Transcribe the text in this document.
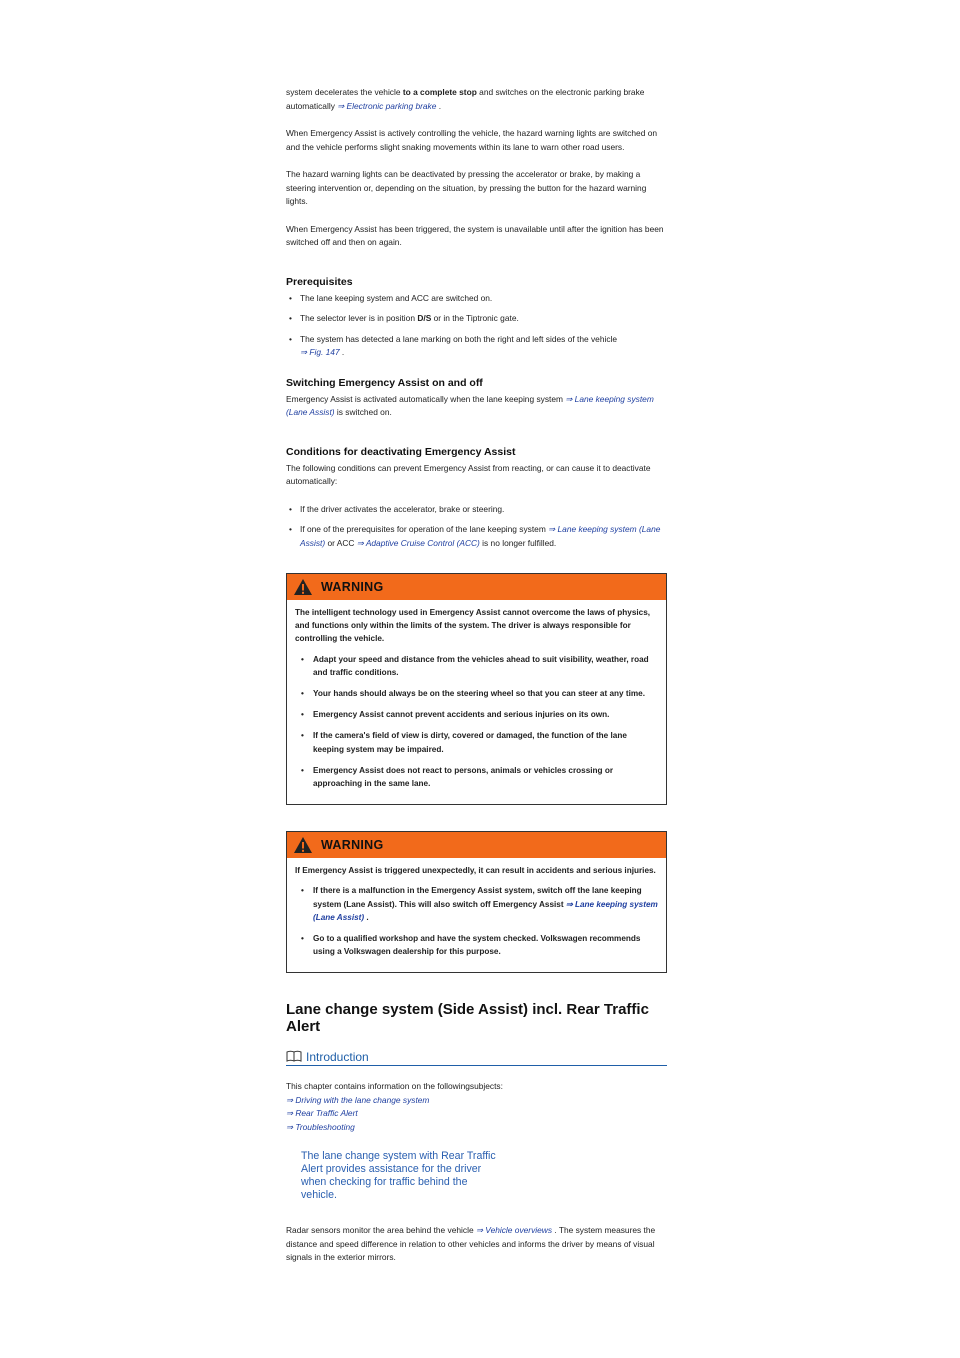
system decelerates the vehicle to a complete stop and switches on the electronic parking brake automatically ⇒ Electronic parking brake .

When Emergency Assist is actively controlling the vehicle, the hazard warning lights are switched on and the vehicle performs slight snaking movements within its lane to warn other road users.

The hazard warning lights can be deactivated by pressing the accelerator or brake, by making a steering intervention or, depending on the situation, by pressing the button for the hazard warning lights.

When Emergency Assist has been triggered, the system is unavailable until after the ignition has been switched off and then on again.

Prerequisites
• The lane keeping system and ACC are switched on.
• The selector lever is in position D/S or in the Tiptronic gate.
• The system has detected a lane marking on both the right and left sides of the vehicle
⇒ Fig. 147 .
Switching Emergency Assist on and off

Emergency Assist is activated automatically when the lane keeping system ⇒ Lane keeping system (Lane Assist) is switched on.

Conditions for deactivating Emergency Assist

The following conditions can prevent Emergency Assist from reacting, or can cause it to deactivate automatically:

• If the driver activates the accelerator, brake or steering.
• If one of the prerequisites for operation of the lane keeping system ⇒ Lane keeping system (Lane Assist) or ACC ⇒ Adaptive Cruise Control (ACC) is no longer fulfilled.
WARNING

The intelligent technology used in Emergency Assist cannot overcome the laws of physics, and functions only within the limits of the system. The driver is always responsible for controlling the vehicle.

• Adapt your speed and distance from the vehicles ahead to suit visibility, weather, road and traffic conditions.
• Your hands should always be on the steering wheel so that you can steer at any time.
• Emergency Assist cannot prevent accidents and serious injuries on its own.
• If the camera's field of view is dirty, covered or damaged, the function of the lane keeping system may be impaired.
• Emergency Assist does not react to persons, animals or vehicles crossing or approaching in the same lane.
WARNING

If Emergency Assist is triggered unexpectedly, it can result in accidents and serious injuries.

• If there is a malfunction in the Emergency Assist system, switch off the lane keeping system (Lane Assist). This will also switch off Emergency Assist ⇒ Lane keeping system (Lane Assist) .
• Go to a qualified workshop and have the system checked. Volkswagen recommends using a Volkswagen dealership for this purpose.
Lane change system (Side Assist) incl. Rear Traffic Alert
Introduction

This chapter contains information on the followingsubjects:

⇒ Driving with the lane change system

⇒ Rear Traffic Alert

⇒ Troubleshooting

The lane change system with Rear Traffic Alert provides assistance for the driver when checking for traffic behind the vehicle.

Radar sensors monitor the area behind the vehicle ⇒ Vehicle overviews . The system measures the distance and speed difference in relation to other vehicles and informs the driver by means of visual signals in the exterior mirrors.
